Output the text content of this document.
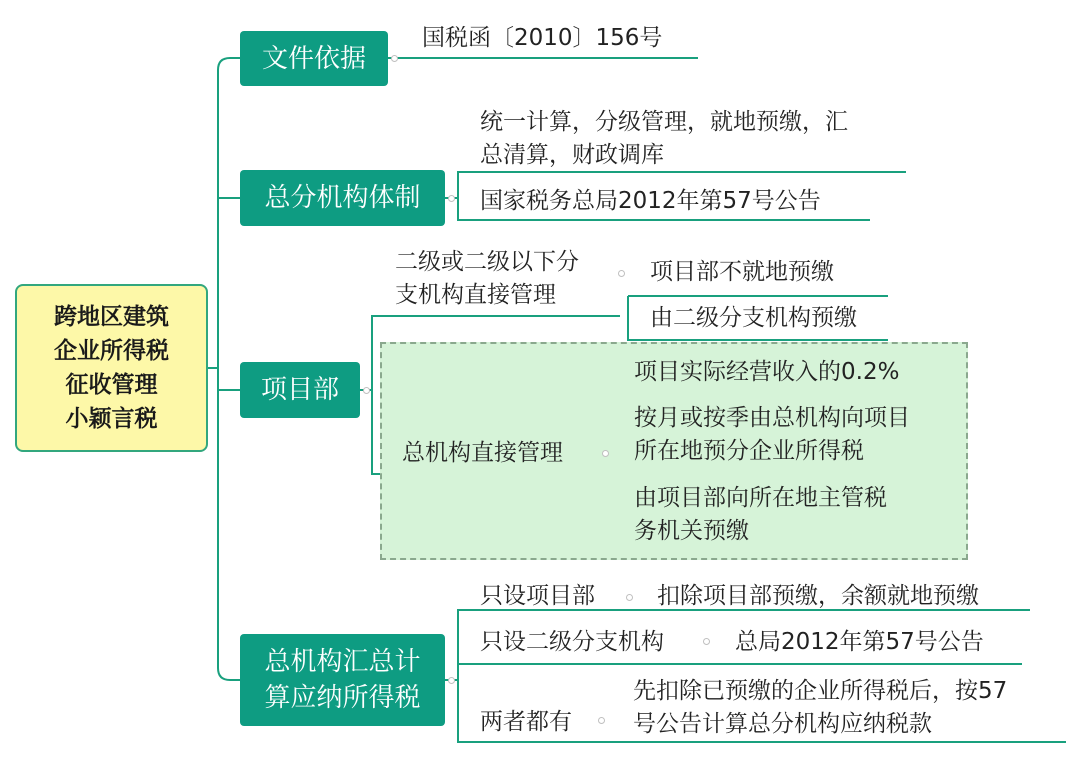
跨地区建筑
企业所得税
征收管理
小颖言税
文件依据
总分机构体制
项目部
总机构汇总计
算应纳所得税
国税函〔2010〕156号
统一计算，分级管理，就地预缴，汇
总清算，财政调库
国家税务总局2012年第57号公告
二级或二级以下分
支机构直接管理
项目部不就地预缴
由二级分支机构预缴
总机构直接管理
项目实际经营收入的0.2%
按月或按季由总机构向项目
所在地预分企业所得税
由项目部向所在地主管税
务机关预缴
只设项目部	扣除项目部预缴，余额就地预缴
只设二级分支机构	总局2012年第57号公告
两者都有
先扣除已预缴的企业所得税后，按57
号公告计算总分机构应纳税款
